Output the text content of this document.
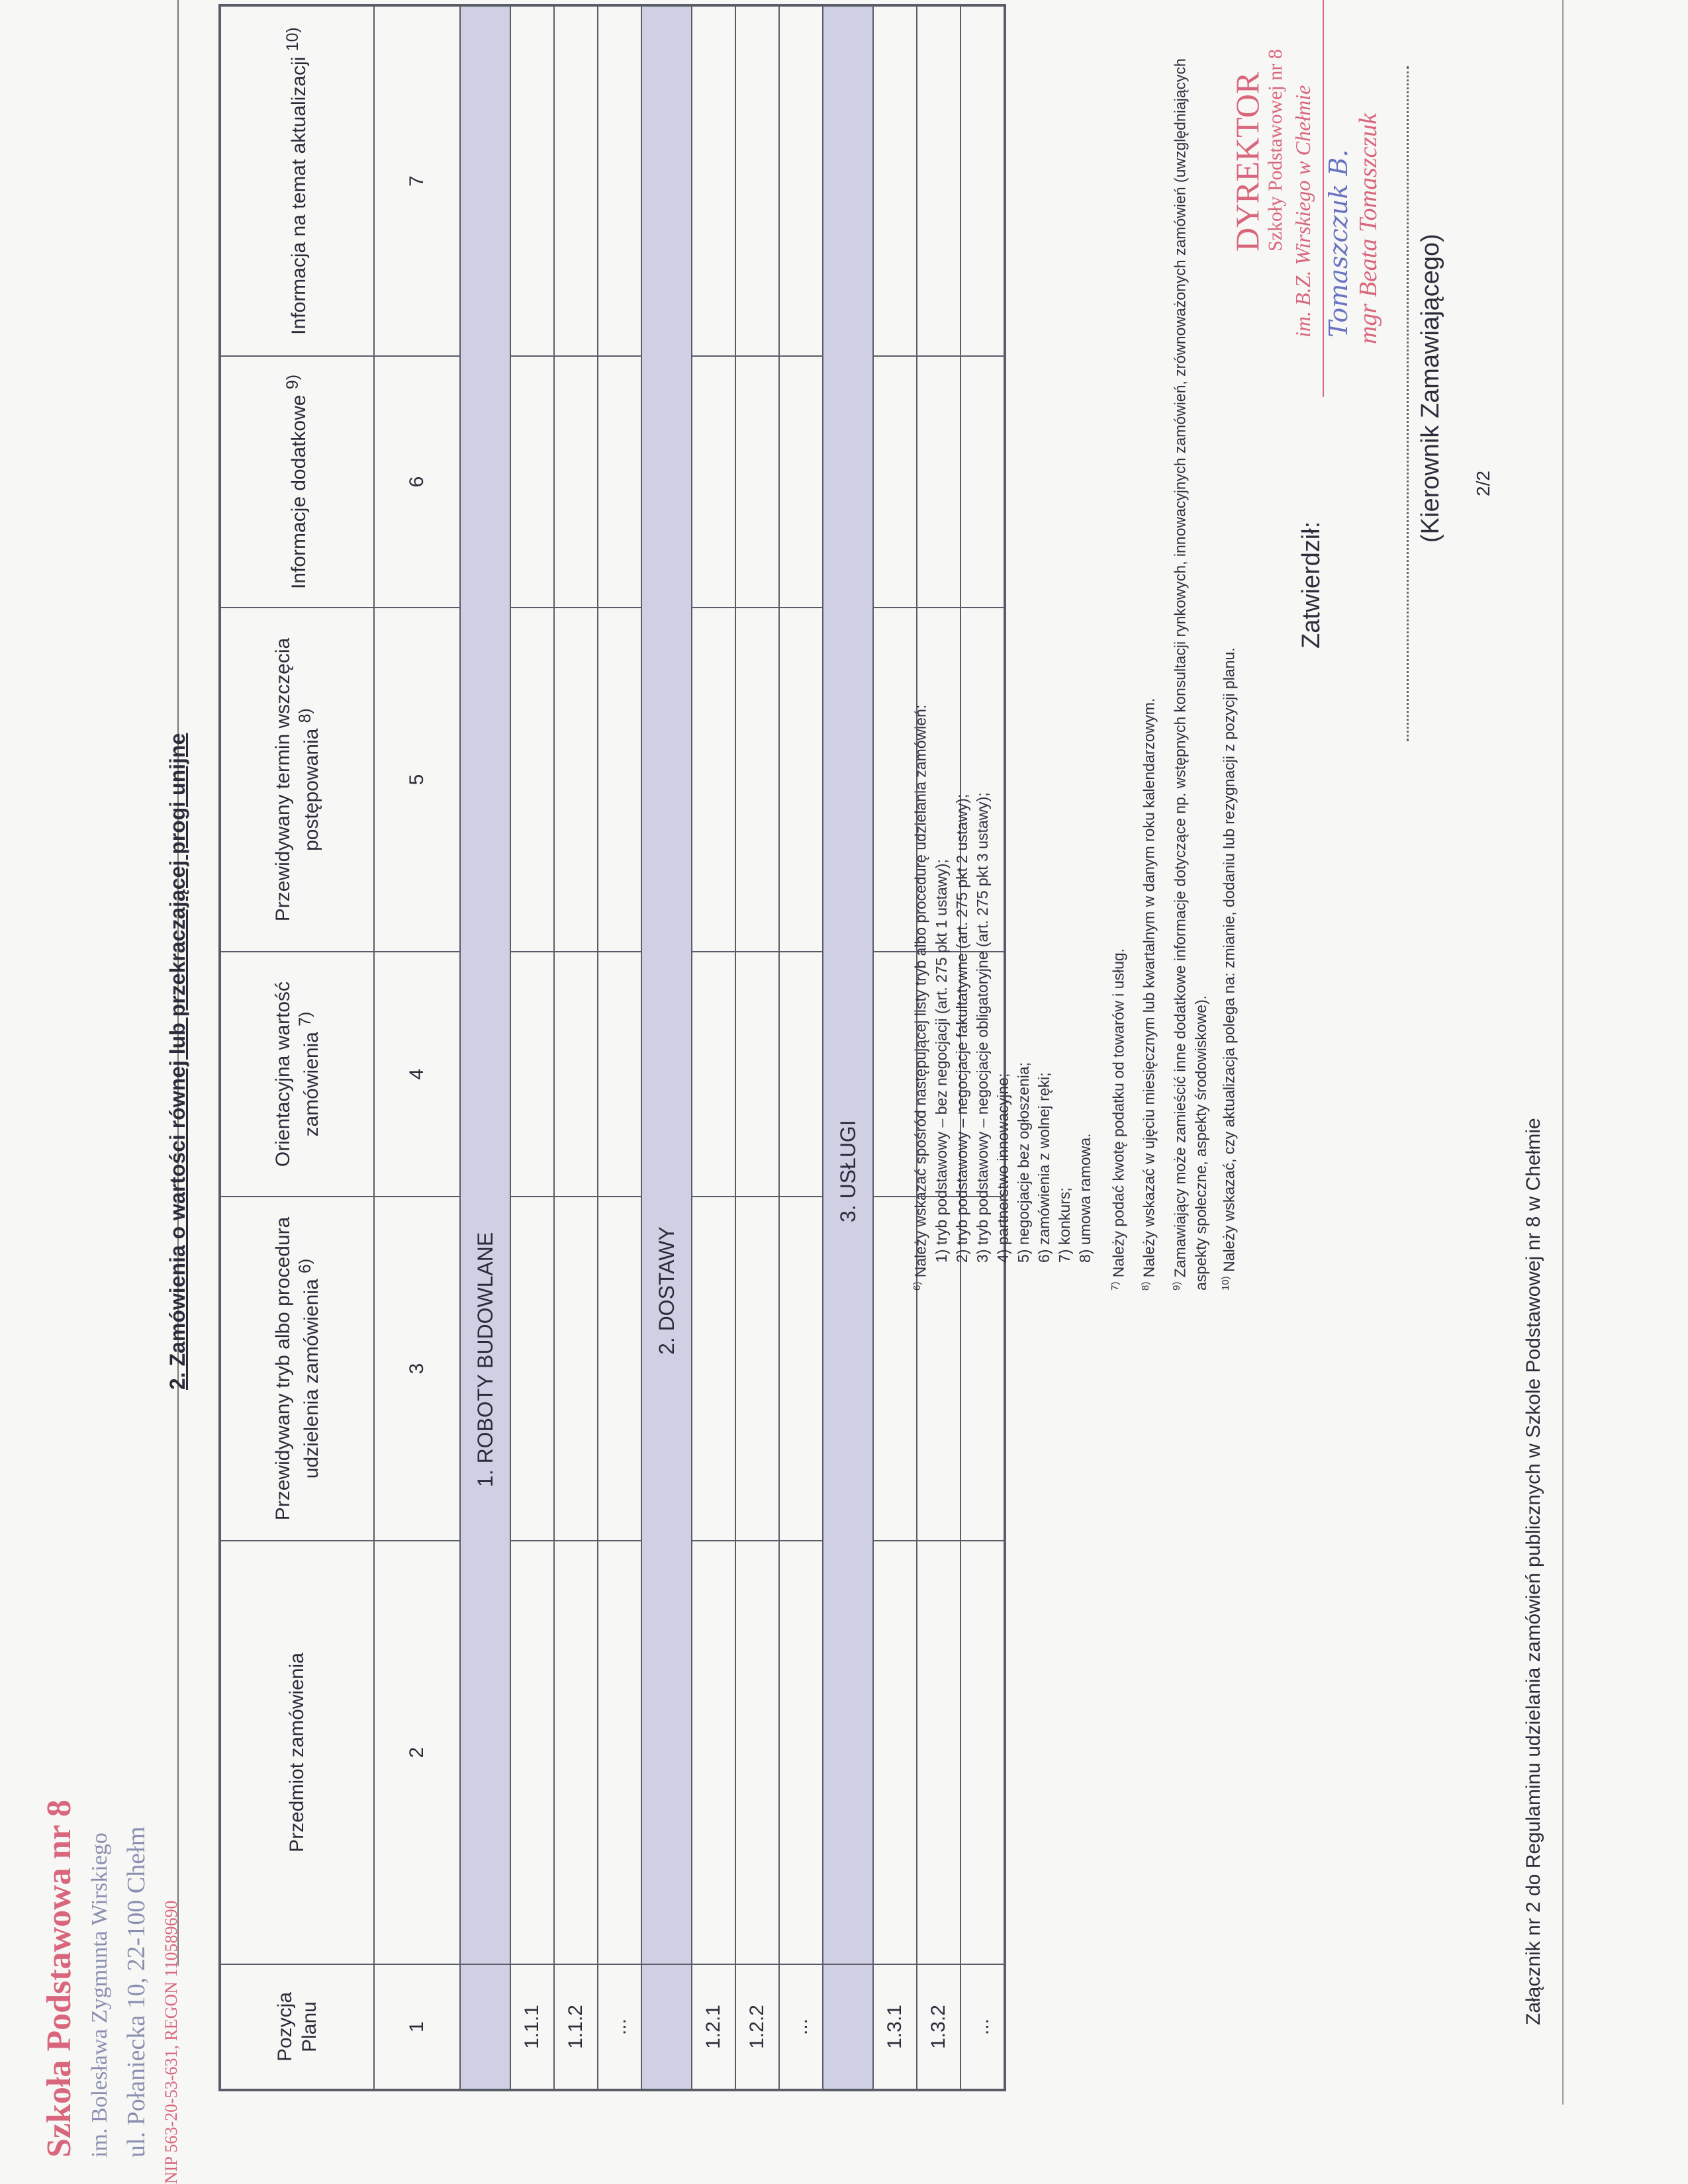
Szkoła Podstawowa nr 8 im. Bolesława Zygmunta Wirskiego ul. Połaniecka 10, 22-100 Chełm NIP 563-20-53-631, REGON 110589690
2. Zamówienia o wartości równej lub przekraczającej progi unijne
Pozycja Planu	Przedmiot zamówienia	Przewidywany tryb albo procedura udzielenia zamówienia $^{6)}$	Orientacyjna wartość zamówienia $^{7)}$	Przewidywany termin wszczęcia postępowania $^{8)}$	Informacje dodatkowe $^{9)}$	Informacja na temat aktualizacji $^{10)}$
1	2	3	4	5	6	7
	1. ROBOTY BUDOWLANE					
1.1.1						
1.1.2						
...						
	2. DOSTAWY					
1.2.1						
1.2.2						
...						
	3. USŁUGI					
1.3.1						
1.3.2						
...						

$^{6)}$ Należy wskazać spośród następującej listy tryb albo procedurę udzielania zamówień: 1) tryb podstawowy – bez negocjacji (art. 275 pkt 1 ustawy); 2) tryb podstawowy – negocjacje fakultatywne (art. 275 pkt 2 ustawy); 3) tryb podstawowy – negocjacje obligatoryjne (art. 275 pkt 3 ustawy); 4) partnerstwo innowacyjne; 5) negocjacje bez ogłoszenia; 6) zamówienia z wolnej ręki; 7) konkurs; 8) umowa ramowa.

$^{7)}$ Należy podać kwotę podatku od towarów i usług.

$^{8)}$ Należy wskazać w ujęciu miesięcznym lub kwartalnym w danym roku kalendarzowym.

$^{9)}$ Zamawiający może zamieścić inne dodatkowe informacje dotyczące np. wstępnych konsultacji rynkowych, innowacyjnych zamówień, zrównoważonych zamówień (uwzględniających aspekty społeczne, aspekty środowiskowe).	$^{10)}$ Należy wskazać, czy aktualizacja polega na: zmianie, dodaniu lub rezygnacji z pozycji planu.

Zatwierdził:
DYREKTOR
Szkoły Podstawowej nr 8 im. B.Z. Wirskiego w Chełmie Tomaszczuk B. mgr Beata Tomaszczuk
(Kierownik Zamawiającego) 2/2
Załącznik nr 2 do Regulaminu udzielania zamówień publicznych w Szkole Podstawowej nr 8 w Chełmie
